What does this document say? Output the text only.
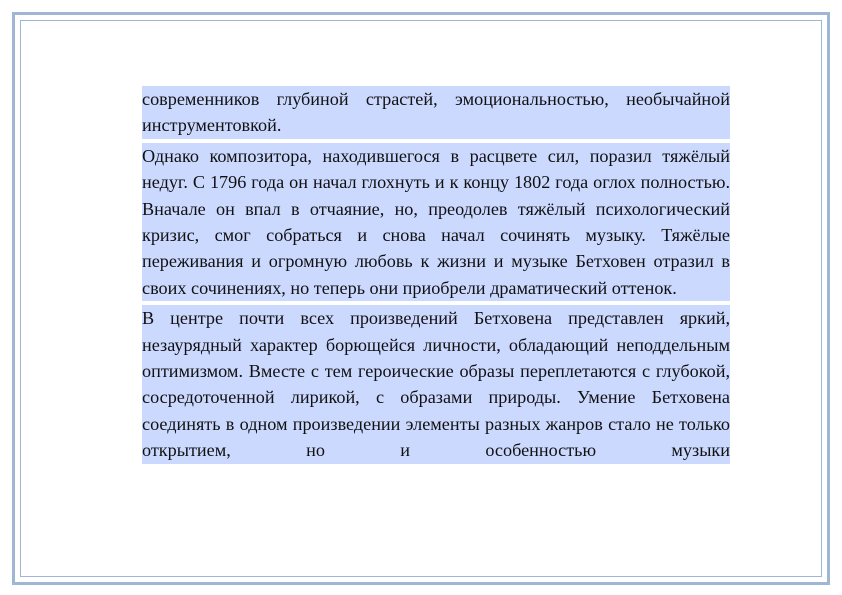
современников глубиной страстей, эмоциональностью, необычайной инструментовкой.

Однако композитора, находившегося в расцвете сил, поразил тяжёлый недуг. С 1796 года он начал глохнуть и к концу 1802 года оглох полностью. Вначале он впал в отчаяние, но, преодолев тяжёлый психологический кризис, смог собраться и снова начал сочинять музыку. Тяжёлые переживания и огромную любовь к жизни и музыке Бетховен отразил в своих сочинениях, но теперь они приобрели драматический оттенок.

В центре почти всех произведений Бетховена представлен яркий, незаурядный характер борющейся личности, обладающий неподдельным оптимизмом. Вместе с тем героические образы переплетаются с глубокой, сосредоточенной лирикой, с образами природы. Умение Бетховена соединять в одном произведении элементы разных жанров стало не только открытием, но и особенностью музыки
